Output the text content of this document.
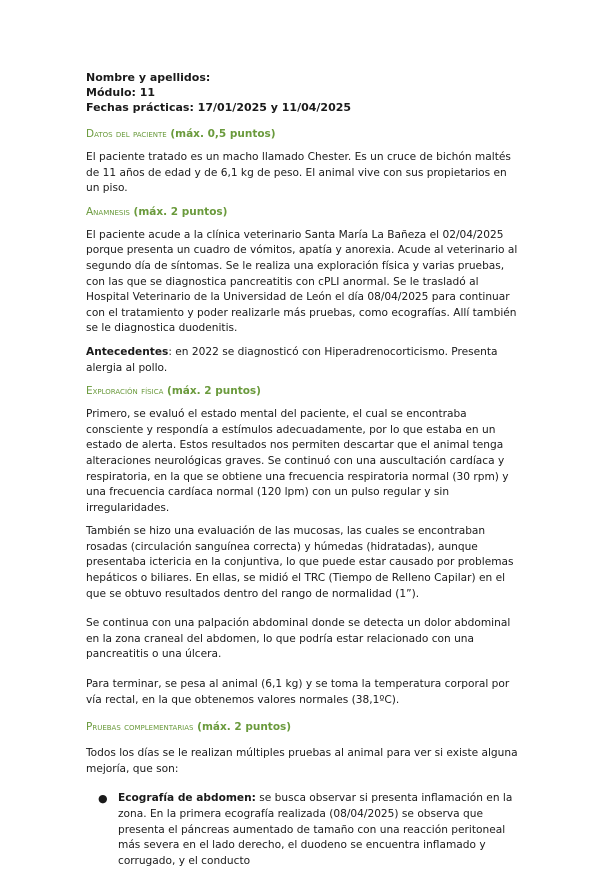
Nombre y apellidos:

Módulo: 11

Fechas prácticas: 17/01/2025 y 11/04/2025

Datos del paciente (máx. 0,5 puntos)

El paciente tratado es un macho llamado Chester. Es un cruce de bichón maltés de 11 años de edad y de 6,1 kg de peso. El animal vive con sus propietarios en un piso.

Anamnesis (máx. 2 puntos)

El paciente acude a la clínica veterinario Santa María La Bañeza el 02/04/2025 porque presenta un cuadro de vómitos, apatía y anorexia. Acude al veterinario al segundo día de síntomas. Se le realiza una exploración física y varias pruebas, con las que se diagnostica pancreatitis con cPLI anormal. Se le trasladó al Hospital Veterinario de la Universidad de León el día 08/04/2025 para continuar con el tratamiento y poder realizarle más pruebas, como ecografías. Allí también se le diagnostica duodenitis.

Antecedentes: en 2022 se diagnosticó con Hiperadrenocorticismo. Presenta alergia al pollo.

Exploración física (máx. 2 puntos)

Primero, se evaluó el estado mental del paciente, el cual se encontraba consciente y respondía a estímulos adecuadamente, por lo que estaba en un estado de alerta. Estos resultados nos permiten descartar que el animal tenga alteraciones neurológicas graves. Se continuó con una auscultación cardíaca y respiratoria, en la que se obtiene una frecuencia respiratoria normal (30 rpm) y una frecuencia cardíaca normal (120 lpm) con un pulso regular y sin irregularidades.

También se hizo una evaluación de las mucosas, las cuales se encontraban rosadas (circulación sanguínea correcta) y húmedas (hidratadas), aunque presentaba ictericia en la conjuntiva, lo que puede estar causado por problemas hepáticos o biliares. En ellas, se midió el TRC (Tiempo de Relleno Capilar) en el que se obtuvo resultados dentro del rango de normalidad (1”).

Se continua con una palpación abdominal donde se detecta un dolor abdominal en la zona craneal del abdomen, lo que podría estar relacionado con una pancreatitis o una úlcera.

Para terminar, se pesa al animal (6,1 kg) y se toma la temperatura corporal por vía rectal, en la que obtenemos valores normales (38,1ºC).

Pruebas complementarias (máx. 2 puntos)

Todos los días se le realizan múltiples pruebas al animal para ver si existe alguna mejoría, que son:

● Ecografía de abdomen: se busca observar si presenta inflamación en la zona. En la primera ecografía realizada (08/04/2025) se observa que presenta el páncreas aumentado de tamaño con una reacción peritoneal más severa en el lado derecho, el duodeno se encuentra inflamado y corrugado, y el conducto
